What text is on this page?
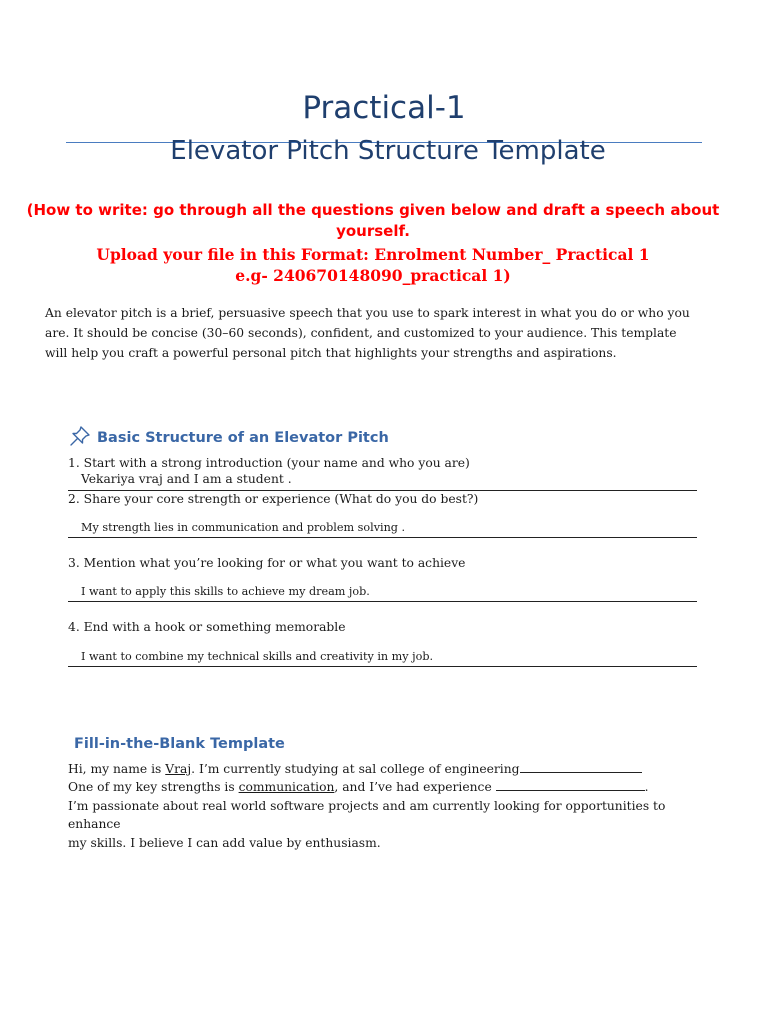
Practical-1
Elevator Pitch Structure Template
(How to write: go through all the questions given below and draft a speech about
yourself.
Upload your file in this Format: Enrolment Number_ Practical 1
e.g- 240670148090_practical 1)
An elevator pitch is a brief, persuasive speech that you use to spark interest in what you do or who you are. It should be concise (30–60 seconds), confident, and customized to your audience. This template will help you craft a powerful personal pitch that highlights your strengths and aspirations.
Basic Structure of an Elevator Pitch
1. Start with a strong introduction (your name and who you are)
Vekariya vraj and I am a student .
2. Share your core strength or experience (What do you do best?)
My strength lies in communication and problem solving .
3. Mention what you’re looking for or what you want to achieve
I want to apply this skills to achieve my dream job.
4. End with a hook or something memorable
I want to combine my technical skills and creativity in my job.
Fill-in-the-Blank Template
Hi, my name is Vraj. I’m currently studying at sal college of engineering
One of my key strengths is communication, and I’ve had experience	.
I’m passionate about real world software projects and am currently looking for opportunities to enhance
my skills. I believe I can add value by enthusiasm.
